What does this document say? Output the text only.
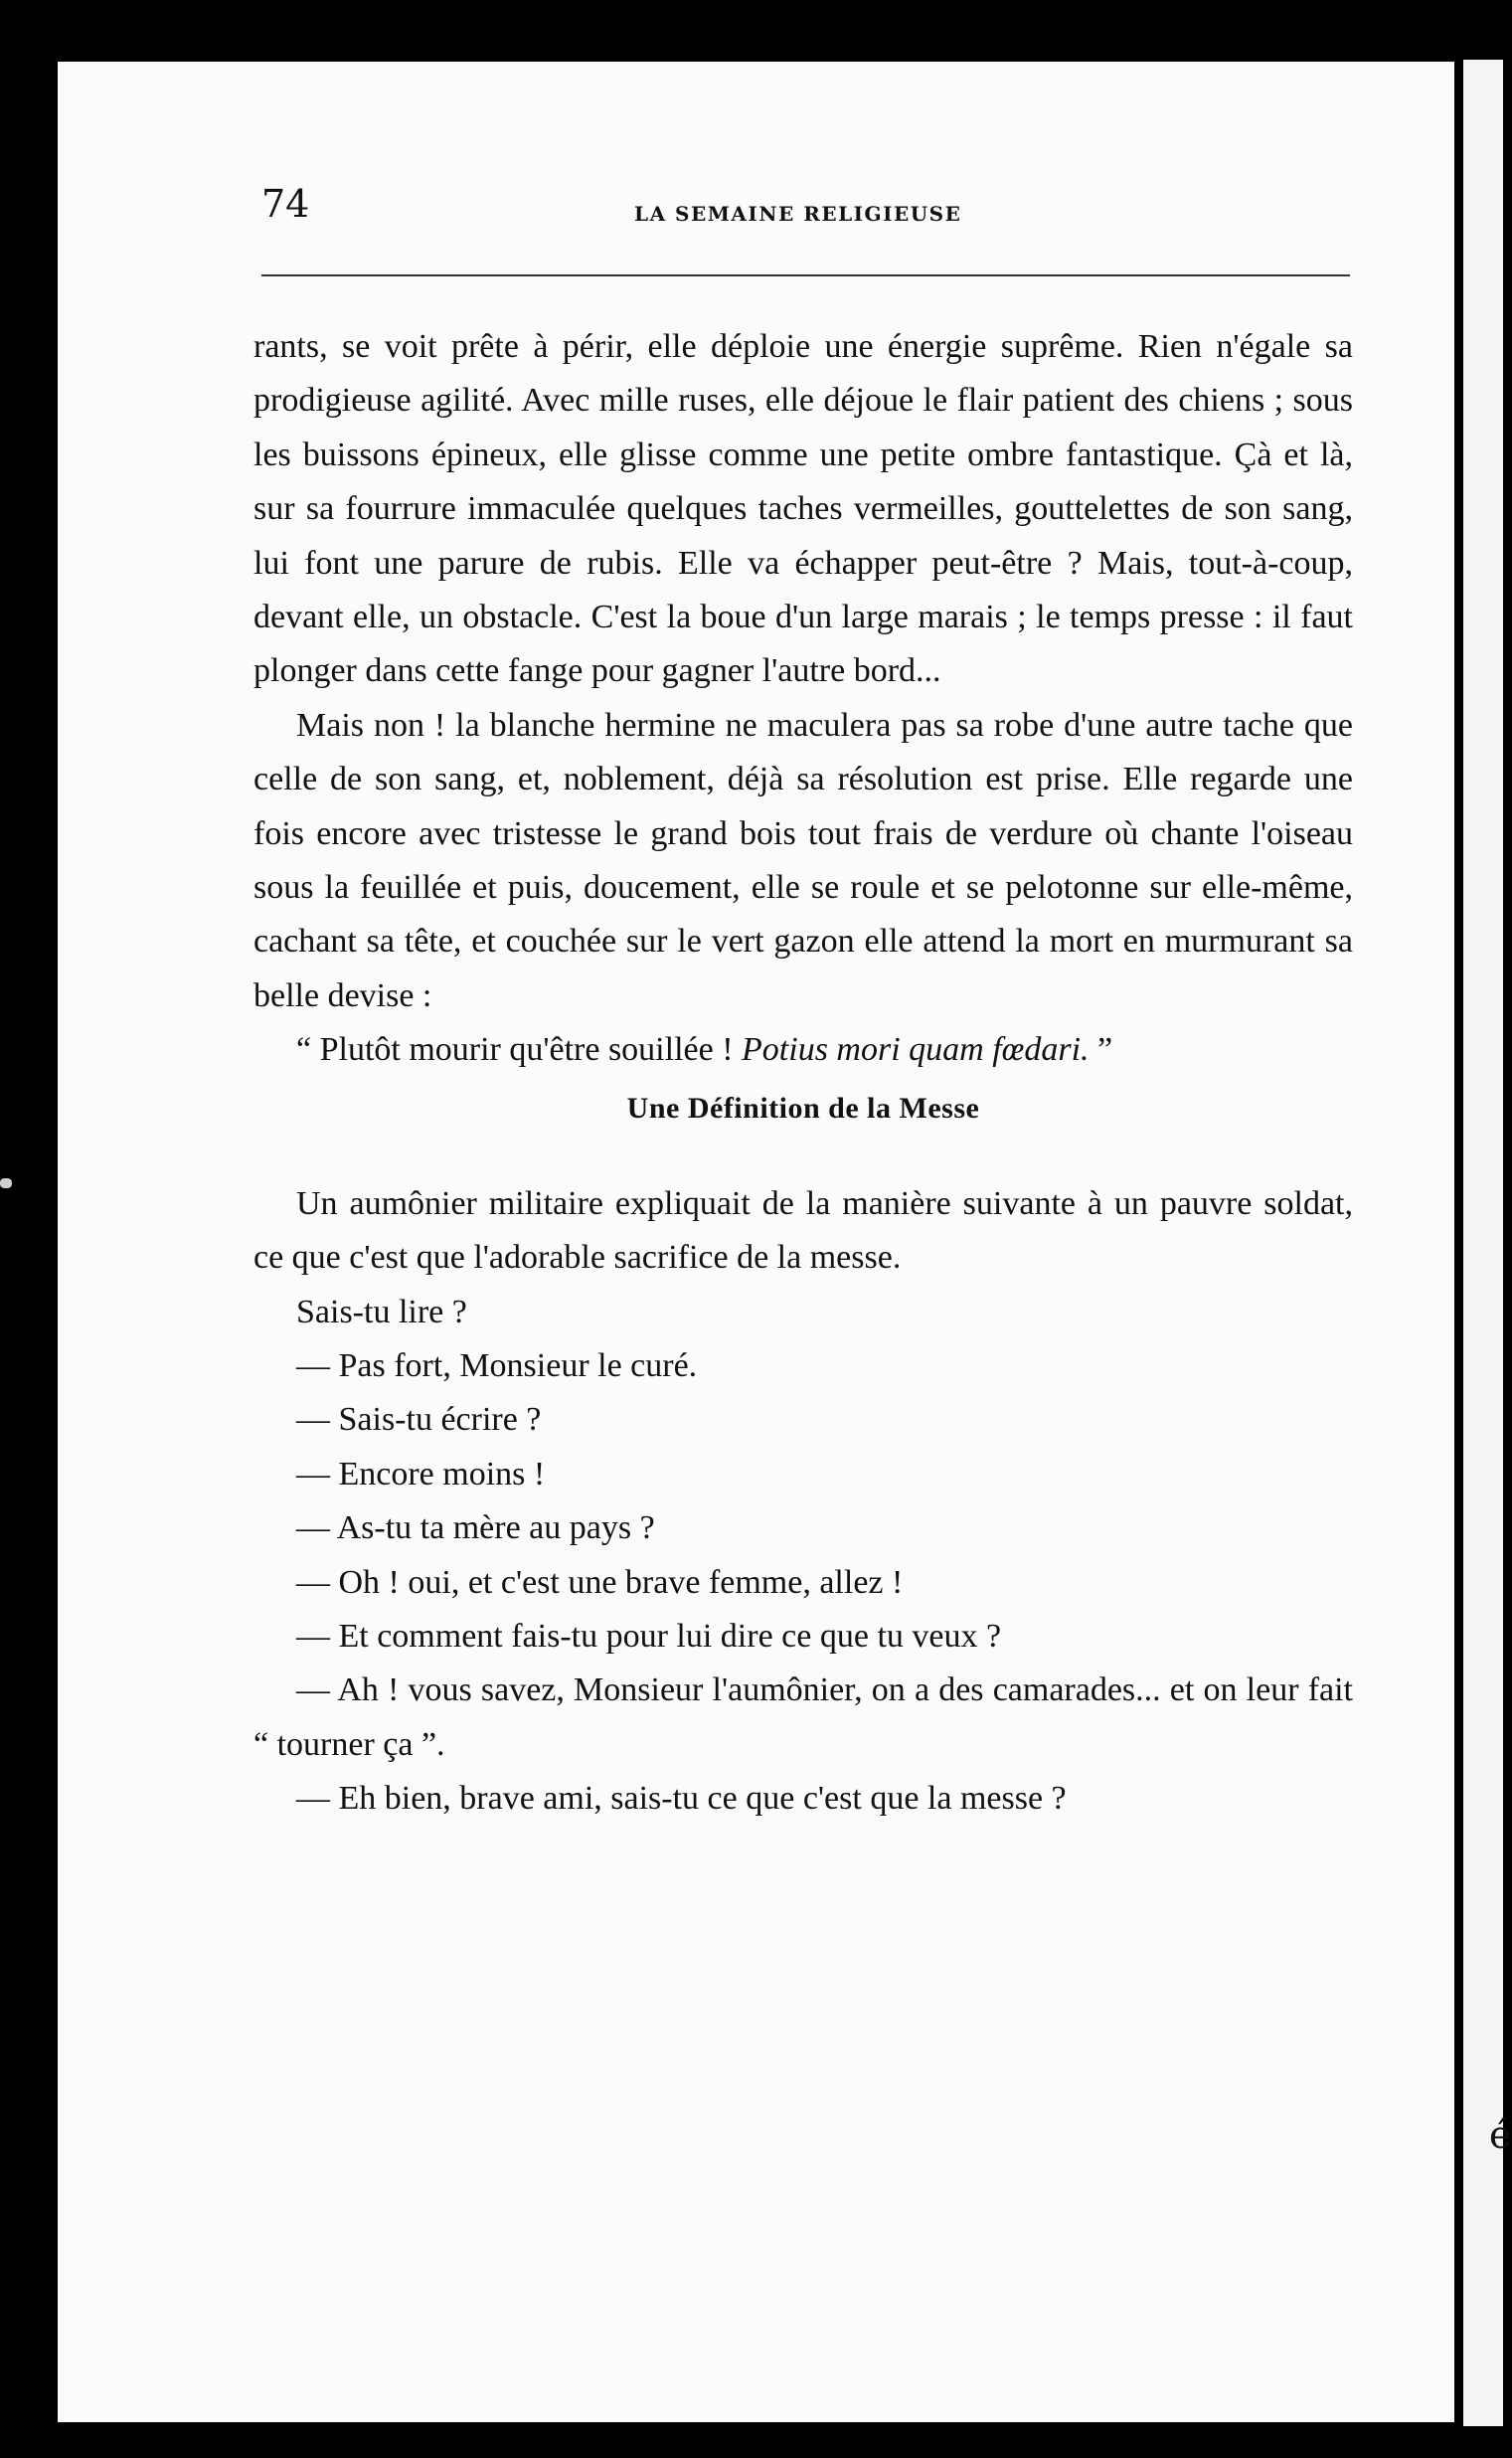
é
74	LA SEMAINE RELIGIEUSE

rants, se voit prête à périr, elle déploie une énergie suprême. Rien n'égale sa prodigieuse agilité. Avec mille ruses, elle déjoue le flair patient des chiens ; sous les buissons épineux, elle glisse comme une petite ombre fantastique. Çà et là, sur sa fourrure immaculée quelques taches vermeilles, gouttelettes de son sang, lui font une parure de rubis. Elle va échapper peut-être ? Mais, tout-à-coup, devant elle, un obstacle. C'est la boue d'un large marais ; le temps presse : il faut plonger dans cette fange pour gagner l'autre bord...

Mais non ! la blanche hermine ne maculera pas sa robe d'une autre tache que celle de son sang, et, noblement, déjà sa résolution est prise. Elle regarde une fois encore avec tristesse le grand bois tout frais de verdure où chante l'oiseau sous la feuillée et puis, doucement, elle se roule et se pelotonne sur elle-même, cachant sa tête, et couchée sur le vert gazon elle attend la mort en murmurant sa belle devise :

“ Plutôt mourir qu'être souillée ! Potius mori quam fœdari. ”

Une Définition de la Messe

Un aumônier militaire expliquait de la manière suivante à un pauvre soldat, ce que c'est que l'adorable sacrifice de la messe.

Sais-tu lire ?

— Pas fort, Monsieur le curé.

— Sais-tu écrire ?

— Encore moins !

— As-tu ta mère au pays ?

— Oh ! oui, et c'est une brave femme, allez !

— Et comment fais-tu pour lui dire ce que tu veux ?

— Ah ! vous savez, Monsieur l'aumônier, on a des camarades... et on leur fait “ tourner ça ”.

— Eh bien, brave ami, sais-tu ce que c'est que la messe ?
